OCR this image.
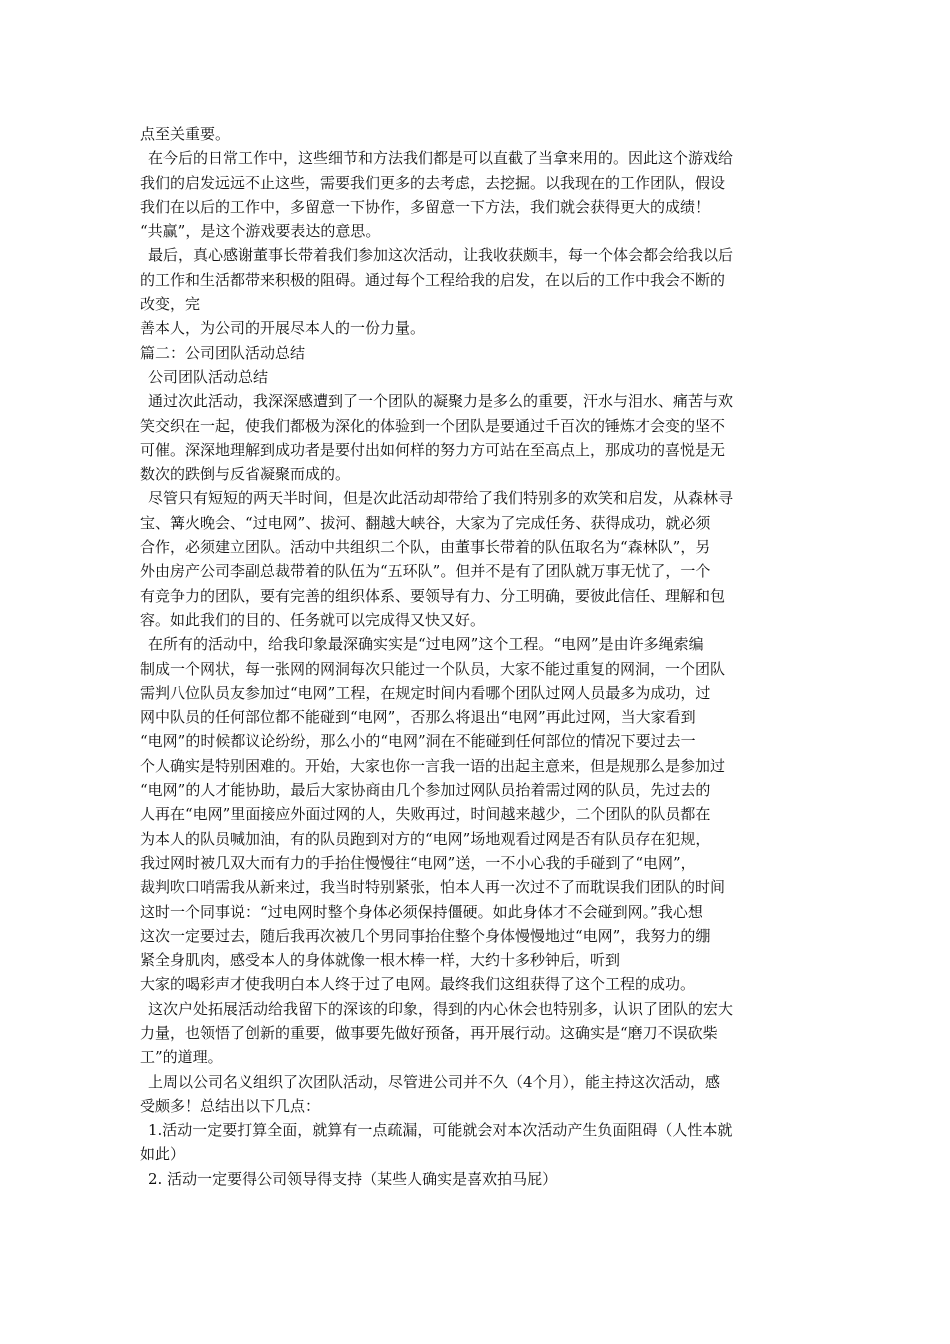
点至关重要。
在今后的日常工作中，这些细节和方法我们都是可以直截了当拿来用的。因此这个游戏给
我们的启发远远不止这些，需要我们更多的去考虑，去挖掘。以我现在的工作团队，假设
我们在以后的工作中，多留意一下协作，多留意一下方法，我们就会获得更大的成绩！
“共赢”，是这个游戏要表达的意思。
最后，真心感谢董事长带着我们参加这次活动，让我收获颇丰，每一个体会都会给我以后
的工作和生活都带来积极的阻碍。通过每个工程给我的启发，在以后的工作中我会不断的
改变，完
善本人，为公司的开展尽本人的一份力量。
篇二：公司团队活动总结
公司团队活动总结
通过次此活动，我深深感遭到了一个团队的凝聚力是多么的重要，汗水与泪水、痛苦与欢
笑交织在一起，使我们都极为深化的体验到一个团队是要通过千百次的锤炼才会变的坚不
可催。深深地理解到成功者是要付出如何样的努力方可站在至高点上，那成功的喜悦是无
数次的跌倒与反省凝聚而成的。
尽管只有短短的两天半时间，但是次此活动却带给了我们特别多的欢笑和启发，从森林寻
宝、篝火晚会、“过电网”、拔河、翻越大峡谷，大家为了完成任务、获得成功，就必须
合作，必须建立团队。活动中共组织二个队，由董事长带着的队伍取名为“森林队”，另
外由房产公司李副总裁带着的队伍为“五环队”。但并不是有了团队就万事无忧了，一个
有竞争力的团队，要有完善的组织体系、要领导有力、分工明确，要彼此信任、理解和包
容。如此我们的目的、任务就可以完成得又快又好。
在所有的活动中，给我印象最深确实实是“过电网”这个工程。“电网”是由许多绳索编
制成一个网状，每一张网的网洞每次只能过一个队员，大家不能过重复的网洞，一个团队
需判八位队员友参加过“电网”工程，在规定时间内看哪个团队过网人员最多为成功，过
网中队员的任何部位都不能碰到“电网”，否那么将退出“电网”再此过网，当大家看到
“电网”的时候都议论纷纷，那么小的“电网”洞在不能碰到任何部位的情况下要过去一
个人确实是特别困难的。开始，大家也你一言我一语的出起主意来，但是规那么是参加过
“电网”的人才能协助，最后大家协商由几个参加过网队员抬着需过网的队员，先过去的
人再在“电网”里面接应外面过网的人，失败再过，时间越来越少，二个团队的队员都在
为本人的队员喊加油，有的队员跑到对方的“电网”场地观看过网是否有队员存在犯规，
我过网时被几双大而有力的手抬住慢慢往“电网”送，一不小心我的手碰到了“电网”，
裁判吹口哨需我从新来过，我当时特别紧张，怕本人再一次过不了而耽误我们团队的时间
这时一个同事说：“过电网时整个身体必须保持僵硬。如此身体才不会碰到网。”我心想
这次一定要过去，随后我再次被几个男同事抬住整个身体慢慢地过“电网”，我努力的绷
紧全身肌肉，感受本人的身体就像一根木棒一样，大约十多秒钟后，听到
大家的喝彩声才使我明白本人终于过了电网。最终我们这组获得了这个工程的成功。
这次户处拓展活动给我留下的深该的印象，得到的内心休会也特别多，认识了团队的宏大
力量，也领悟了创新的重要，做事要先做好预备，再开展行动。这确实是“磨刀不误砍柴
工”的道理。
上周以公司名义组织了次团队活动，尽管进公司并不久（4个月），能主持这次活动，感
受颇多！总结出以下几点：
1.活动一定要打算全面，就算有一点疏漏，可能就会对本次活动产生负面阻碍（人性本就
如此）
2. 活动一定要得公司领导得支持（某些人确实是喜欢拍马屁）
